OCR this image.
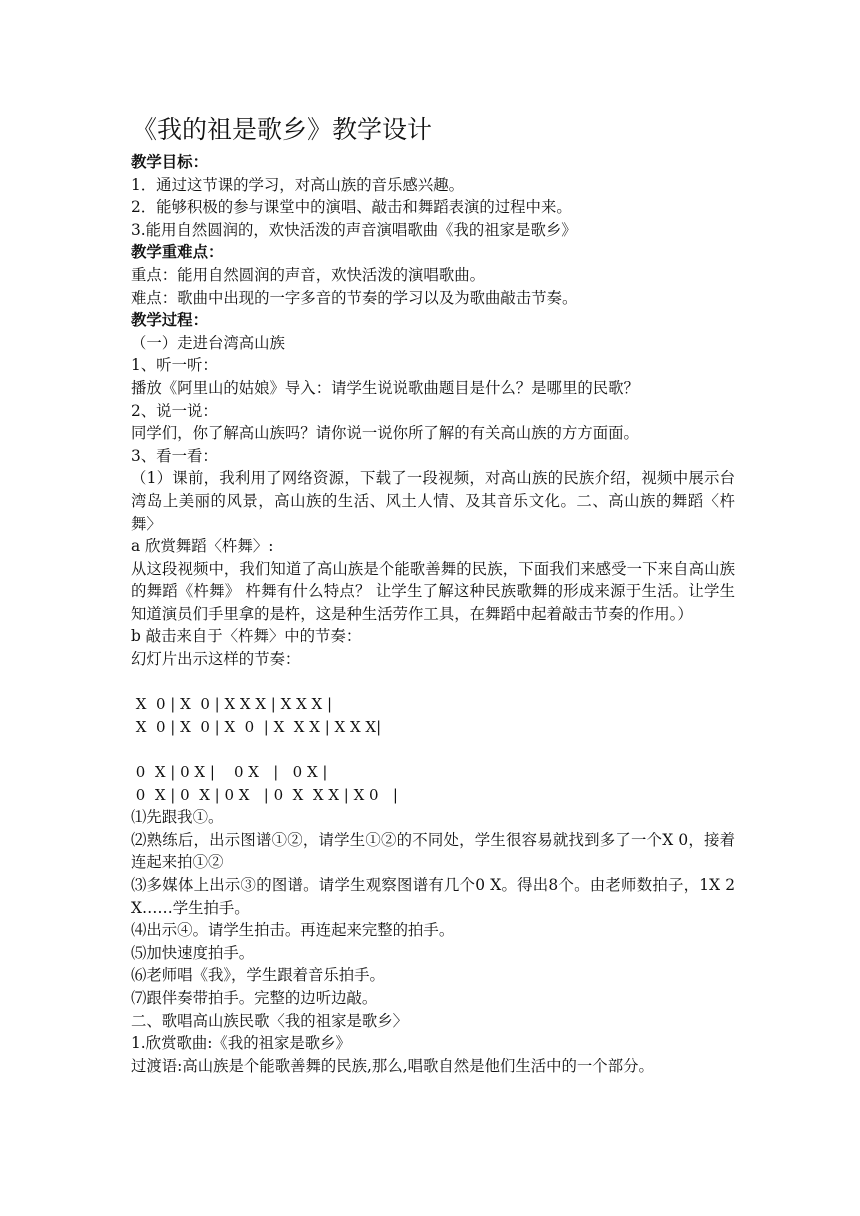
《我的祖是歌乡》教学设计

教学目标：

1．通过这节课的学习，对高山族的音乐感兴趣。

2．能够积极的参与课堂中的演唱、敲击和舞蹈表演的过程中来。

3.能用自然圆润的，欢快活泼的声音演唱歌曲《我的祖家是歌乡》

教学重难点：

重点：能用自然圆润的声音，欢快活泼的演唱歌曲。

难点：歌曲中出现的一字多音的节奏的学习以及为歌曲敲击节奏。

教学过程：

（一）走进台湾高山族

1、听一听：

播放《阿里山的姑娘》导入：请学生说说歌曲题目是什么？是哪里的民歌？

2、说一说：

同学们，你了解高山族吗？请你说一说你所了解的有关高山族的方方面面。

3、看一看：

（1）课前，我利用了网络资源，下载了一段视频，对高山族的民族介绍，视频中展示台湾岛上美丽的风景，高山族的生活、风土人情、及其音乐文化。二、高山族的舞蹈〈杵舞〉

a 欣赏舞蹈〈杵舞〉:

从这段视频中，我们知道了高山族是个能歌善舞的民族，下面我们来感受一下来自高山族的舞蹈《杵舞》 杵舞有什么特点？ 让学生了解这种民族歌舞的形成来源于生活。让学生知道演员们手里拿的是杵，这是种生活劳作工具，在舞蹈中起着敲击节奏的作用。）

b 敲击来自于〈杵舞〉中的节奏：

幻灯片出示这样的节奏：

X  0 | X  0 | X X X | X X X |

X  0 | X  0 | X  0  | X  X X | X X X|

0  X | 0 X |    0 X   |   0 X |

0  X | 0  X | 0 X   | 0  X  X X | X 0   |

⑴先跟我①。

⑵熟练后，出示图谱①②，请学生①②的不同处，学生很容易就找到多了一个X 0，接着连起来拍①②

⑶多媒体上出示③的图谱。请学生观察图谱有几个0 X。得出8个。由老师数拍子，1X 2 X……学生拍手。

⑷出示④。请学生拍击。再连起来完整的拍手。

⑸加快速度拍手。

⑹老师唱《我》，学生跟着音乐拍手。

⑺跟伴奏带拍手。完整的边听边敲。

二、歌唱高山族民歌〈我的祖家是歌乡〉

1.欣赏歌曲:《我的祖家是歌乡》

过渡语:高山族是个能歌善舞的民族,那么,唱歌自然是他们生活中的一个部分。
